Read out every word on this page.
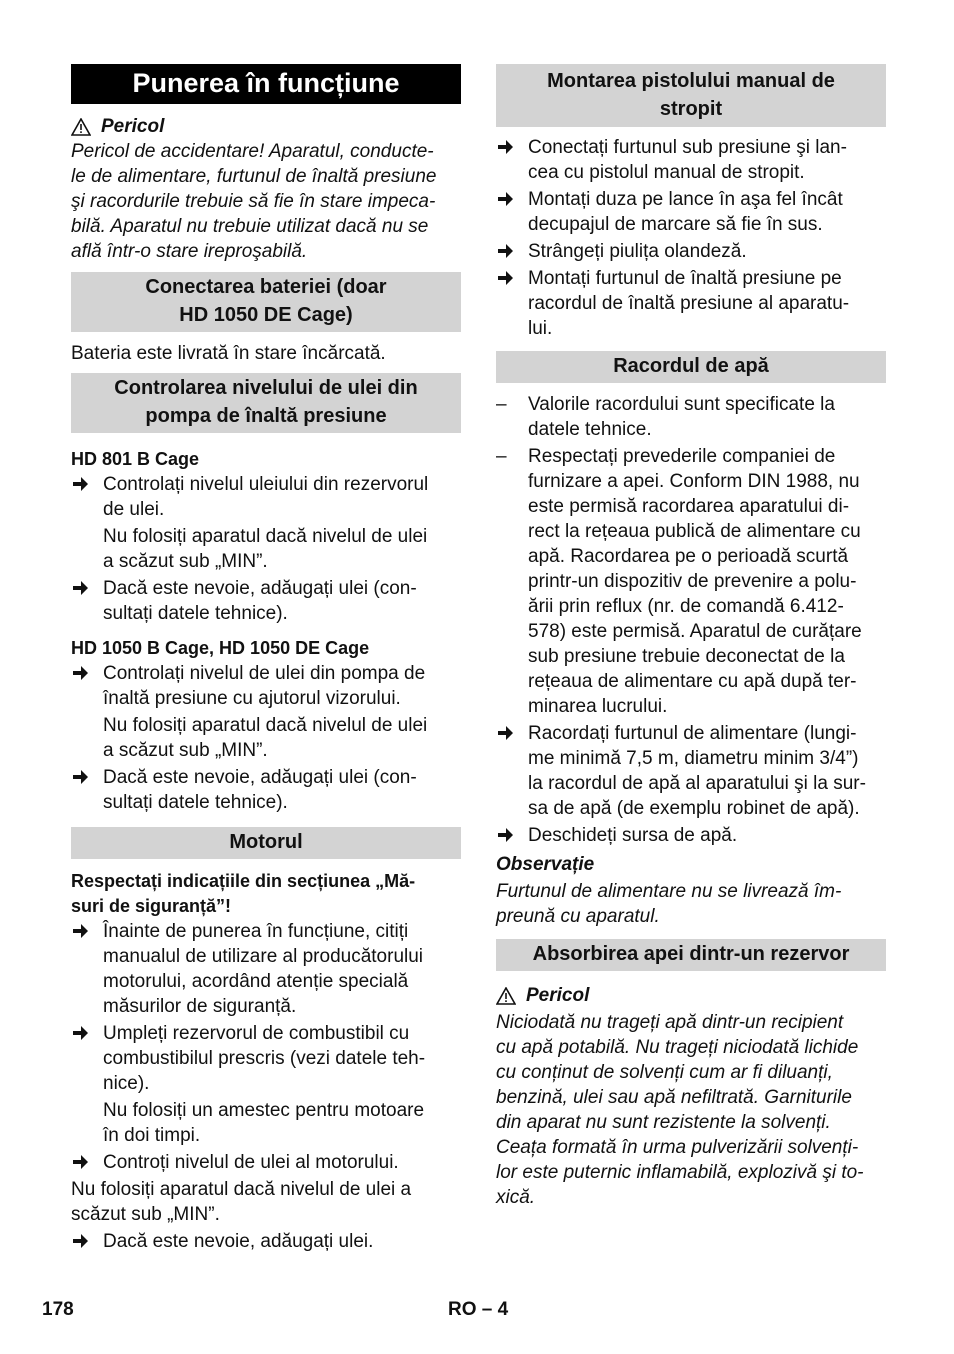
Punerea în funcțiune
Pericol

Pericol de accidentare! Aparatul, conducte-

le de alimentare, furtunul de înaltă presiune

şi racordurile trebuie să fie în stare impeca-

bilă. Aparatul nu trebuie utilizat dacă nu se

află într-o stare ireproşabilă.

Conectarea bateriei (doar
HD 1050 DE Cage)

Bateria este livrată în stare încărcată.

Controlarea nivelului de ulei din
pompa de înaltă presiune
HD 801 B Cage
Controlați nivelul uleiului din rezervorul
de ulei.
Nu folosiți aparatul dacă nivelul de ulei
a scăzut sub „MIN”.
Dacă este nevoie, adăugați ulei (con-
sultați datele tehnice).
HD 1050 B Cage, HD 1050 DE Cage
Controlați nivelul de ulei din pompa de
înaltă presiune cu ajutorul vizorului.
Nu folosiți aparatul dacă nivelul de ulei
a scăzut sub „MIN”.
Dacă este nevoie, adăugați ulei (con-
sultați datele tehnice).
Motorul

Respectați indicațiile din secțiunea „Mă-

suri de siguranță”!

Înainte de punerea în funcțiune, citiți
manualul de utilizare al producătorului
motorului, acordând atenție specială
măsurilor de siguranță.
Umpleți rezervorul de combustibil cu
combustibilul prescris (vezi datele teh-
nice).
Nu folosiți un amestec pentru motoare
în doi timpi.
Controți nivelul de ulei al motorului.

Nu folosiți aparatul dacă nivelul de ulei a

scăzut sub „MIN”.

Dacă este nevoie, adăugați ulei.
Montarea pistolului manual de
stropit
Conectați furtunul sub presiune şi lan-
cea cu pistolul manual de stropit.
Montați duza pe lance în aşa fel încât
decupajul de marcare să fie în sus.
Strângeți piulița olandeză.
Montați furtunul de înaltă presiune pe
racordul de înaltă presiune al aparatu-
lui.
Racordul de apă
–	Valorile racordului sunt specificate la
datele tehnice.
–	Respectați prevederile companiei de
furnizare a apei. Conform DIN 1988, nu
este permisă racordarea aparatului di-
rect la rețeaua publică de alimentare cu
apă. Racordarea pe o perioadă scurtă
printr-un dispozitiv de prevenire a polu-
ării prin reflux (nr. de comandă 6.412-
578) este permisă. Aparatul de curățare
sub presiune trebuie deconectat de la
rețeaua de alimentare cu apă după ter-
minarea lucrului.
Racordați furtunul de alimentare (lungi-
me minimă 7,5 m, diametru minim 3/4”)
la racordul de apă al aparatului şi la sur-
sa de apă (de exemplu robinet de apă).
Deschideți sursa de apă.

Observație

Furtunul de alimentare nu se livrează îm-

preună cu aparatul.

Absorbirea apei dintr-un rezervor
Pericol

Niciodată nu trageți apă dintr-un recipient

cu apă potabilă. Nu trageți niciodată lichide

cu conținut de solvenți cum ar fi diluanți,

benzină, ulei sau apă nefiltrată. Garniturile

din aparat nu sunt rezistente la solvenți.

Ceața formată în urma pulverizării solvenți-

lor este puternic inflamabilă, explozivă şi to-

xică.

178	RO – 4
